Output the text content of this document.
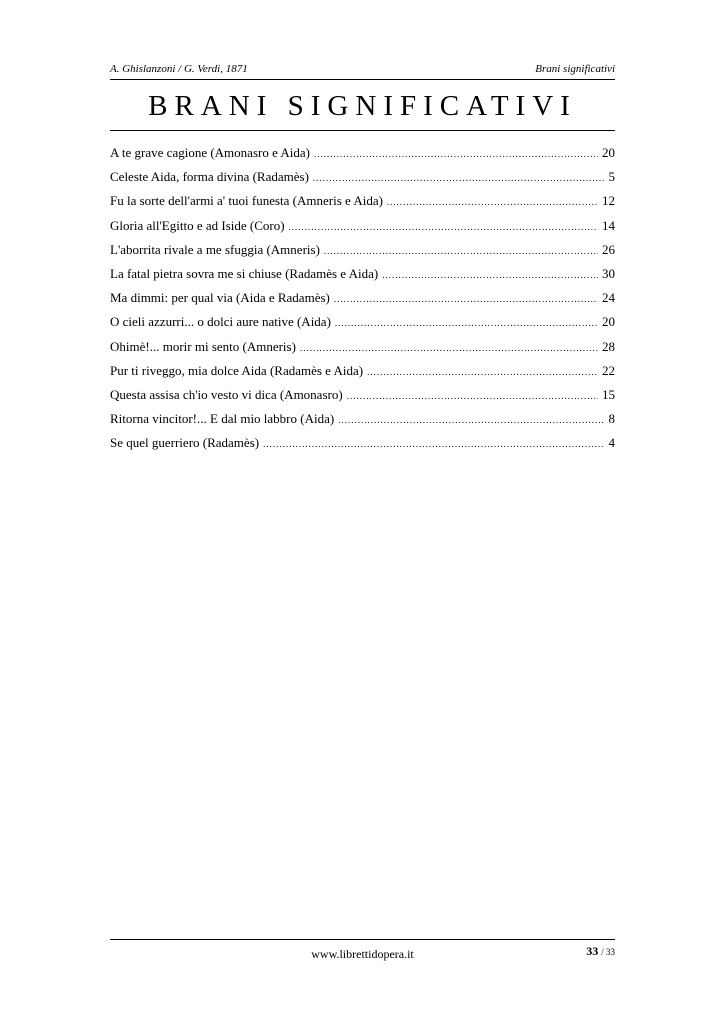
A. Ghislanzoni / G. Verdi, 1871	Brani significativi
BRANI SIGNIFICATIVI
A te grave cagione (Amonasro e Aida) .....	20
Celeste Aida, forma divina (Radamès) .....	5
Fu la sorte dell'armi a' tuoi funesta (Amneris e Aida) .....	12
Gloria all'Egitto e ad Iside (Coro) .....	14
L'aborrita rivale a me sfuggia (Amneris) .....	26
La fatal pietra sovra me si chiuse (Radamès e Aida) .....	30
Ma dimmi: per qual via (Aida e Radamès) .....	24
O cieli azzurri... o dolci aure native (Aida) .....	20
Ohimè!... morir mi sento (Amneris) .....	28
Pur ti riveggo, mia dolce Aida (Radamès e Aida) .....	22
Questa assisa ch'io vesto vi dica (Amonasro) .....	15
Ritorna vincitor!... E dal mio labbro (Aida) .....	8
Se quel guerriero (Radamès) .....	4
www.librettidopera.it	33 / 33
